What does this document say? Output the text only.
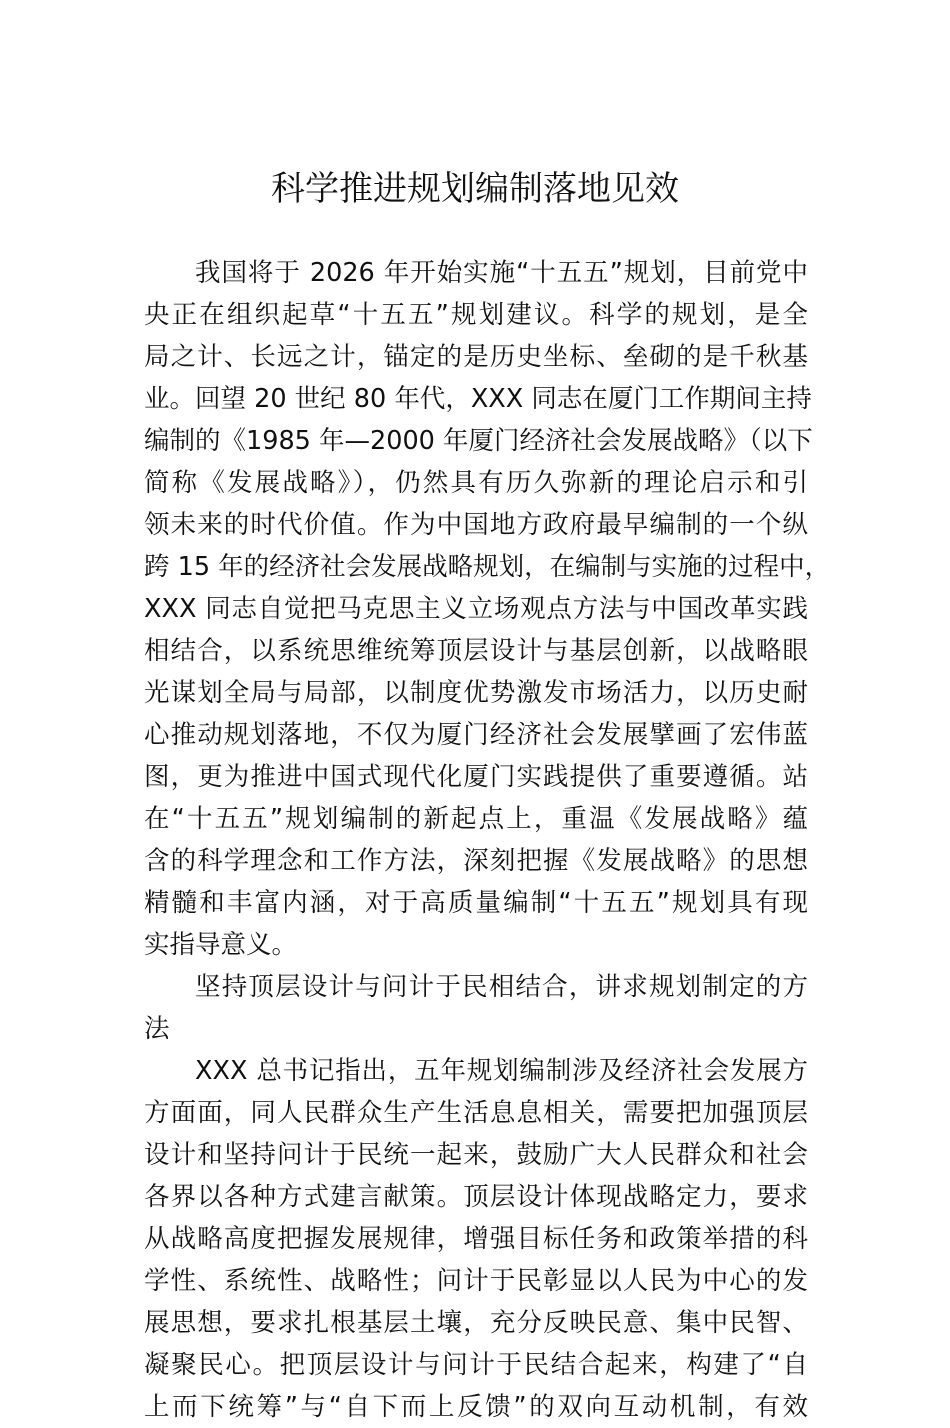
科学推进规划编制落地见效
我国将于 2026 年开始实施“十五五”规划，目前党中
央正在组织起草“十五五”规划建议。科学的规划，是全
局之计、长远之计，锚定的是历史坐标、垒砌的是千秋基
业。回望 20 世纪 80 年代，XXX 同志在厦门工作期间主持
编制的《1985 年—2000 年厦门经济社会发展战略》（以下
简称《发展战略》），仍然具有历久弥新的理论启示和引
领未来的时代价值。作为中国地方政府最早编制的一个纵
跨 15 年的经济社会发展战略规划，在编制与实施的过程中，
XXX 同志自觉把马克思主义立场观点方法与中国改革实践
相结合，以系统思维统筹顶层设计与基层创新，以战略眼
光谋划全局与局部，以制度优势激发市场活力，以历史耐
心推动规划落地，不仅为厦门经济社会发展擘画了宏伟蓝
图，更为推进中国式现代化厦门实践提供了重要遵循。站
在“十五五”规划编制的新起点上，重温《发展战略》蕴
含的科学理念和工作方法，深刻把握《发展战略》的思想
精髓和丰富内涵，对于高质量编制“十五五”规划具有现
实指导意义。
坚持顶层设计与问计于民相结合，讲求规划制定的方
法
XXX 总书记指出，五年规划编制涉及经济社会发展方
方面面，同人民群众生产生活息息相关，需要把加强顶层
设计和坚持问计于民统一起来，鼓励广大人民群众和社会
各界以各种方式建言献策。顶层设计体现战略定力，要求
从战略高度把握发展规律，增强目标任务和政策举措的科
学性、系统性、战略性；问计于民彰显以人民为中心的发
展思想，要求扎根基层土壤，充分反映民意、集中民智、
凝聚民心。把顶层设计与问计于民结合起来，构建了“自
上而下统筹”与“自下而上反馈”的双向互动机制，有效
